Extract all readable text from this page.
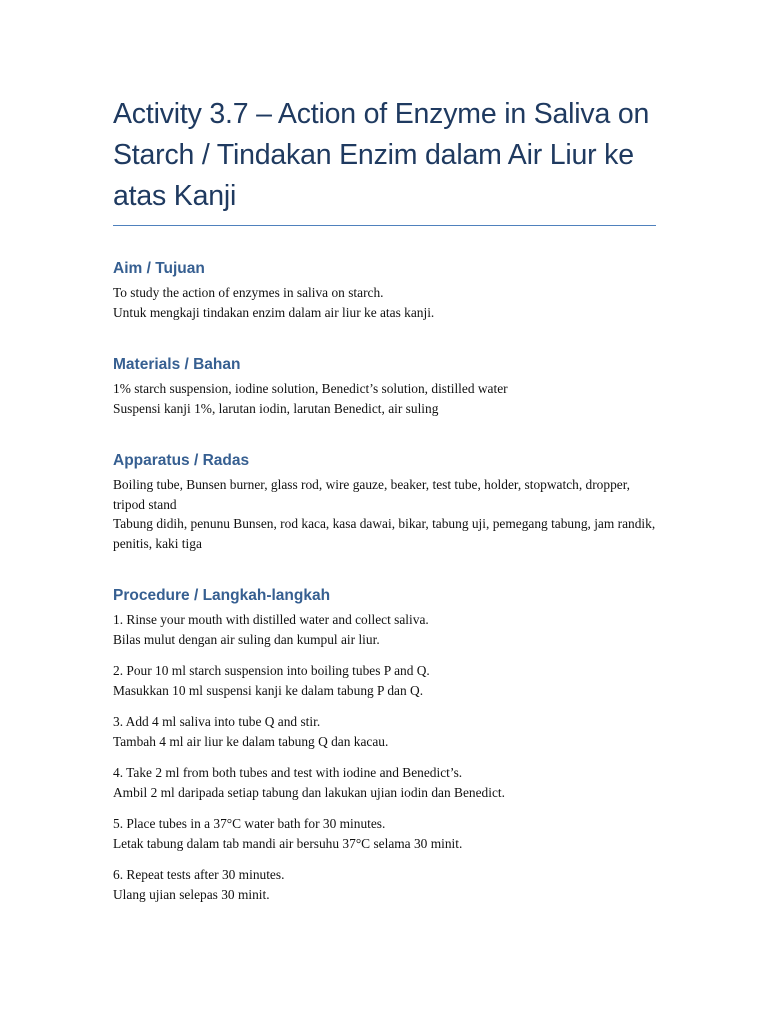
Activity 3.7 – Action of Enzyme in Saliva on Starch / Tindakan Enzim dalam Air Liur ke atas Kanji
Aim / Tujuan

To study the action of enzymes in saliva on starch.

Untuk mengkaji tindakan enzim dalam air liur ke atas kanji.

Materials / Bahan

1% starch suspension, iodine solution, Benedict’s solution, distilled water

Suspensi kanji 1%, larutan iodin, larutan Benedict, air suling

Apparatus / Radas

Boiling tube, Bunsen burner, glass rod, wire gauze, beaker, test tube, holder, stopwatch, dropper, tripod stand

Tabung didih, penunu Bunsen, rod kaca, kasa dawai, bikar, tabung uji, pemegang tabung, jam randik, penitis, kaki tiga

Procedure / Langkah-langkah

1. Rinse your mouth with distilled water and collect saliva.

Bilas mulut dengan air suling dan kumpul air liur.

2. Pour 10 ml starch suspension into boiling tubes P and Q.

Masukkan 10 ml suspensi kanji ke dalam tabung P dan Q.

3. Add 4 ml saliva into tube Q and stir.

Tambah 4 ml air liur ke dalam tabung Q dan kacau.

4. Take 2 ml from both tubes and test with iodine and Benedict’s.

Ambil 2 ml daripada setiap tabung dan lakukan ujian iodin dan Benedict.

5. Place tubes in a 37°C water bath for 30 minutes.

Letak tabung dalam tab mandi air bersuhu 37°C selama 30 minit.

6. Repeat tests after 30 minutes.

Ulang ujian selepas 30 minit.
